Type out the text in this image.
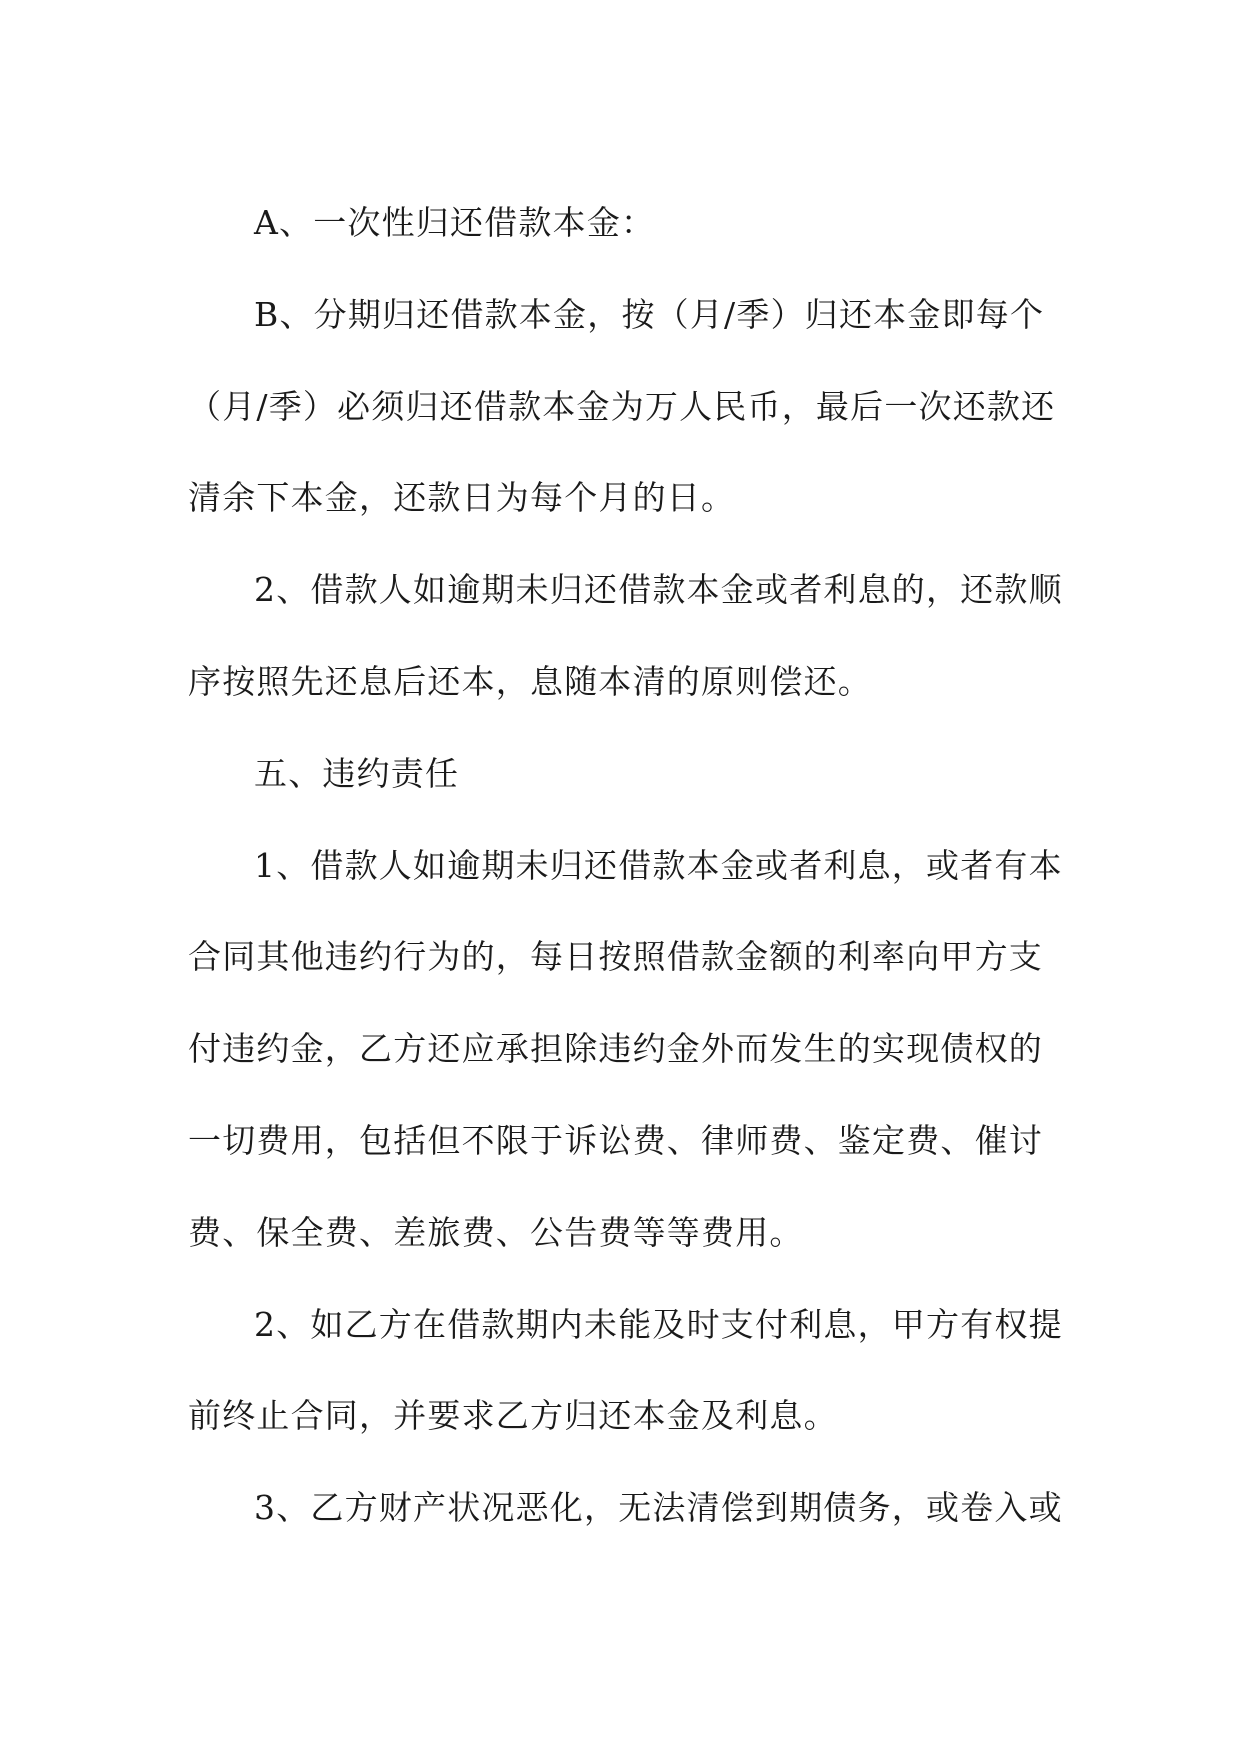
A、一次性归还借款本金：
B、分期归还借款本金，按（月/季）归还本金即每个
（月/季）必须归还借款本金为万人民币，最后一次还款还
清余下本金，还款日为每个月的日。
2、借款人如逾期未归还借款本金或者利息的，还款顺
序按照先还息后还本，息随本清的原则偿还。
五、违约责任
1、借款人如逾期未归还借款本金或者利息，或者有本
合同其他违约行为的，每日按照借款金额的利率向甲方支
付违约金，乙方还应承担除违约金外而发生的实现债权的
一切费用，包括但不限于诉讼费、律师费、鉴定费、催讨
费、保全费、差旅费、公告费等等费用。
2、如乙方在借款期内未能及时支付利息，甲方有权提
前终止合同，并要求乙方归还本金及利息。
3、乙方财产状况恶化，无法清偿到期债务，或卷入或
